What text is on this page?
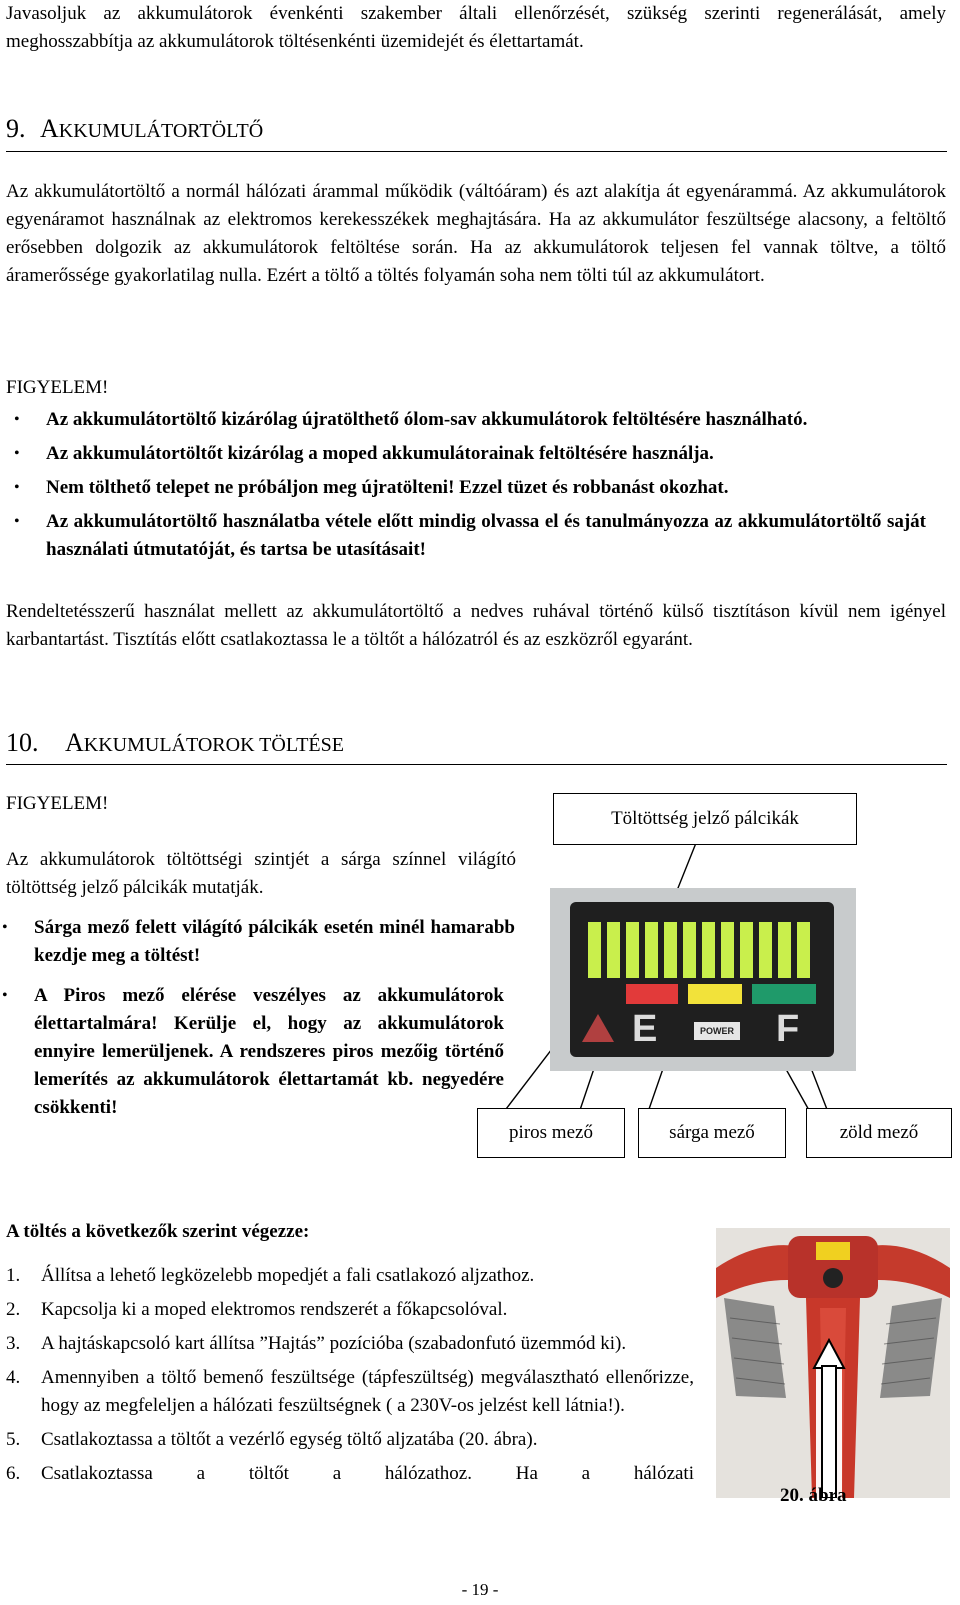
Javasoljuk az akkumulátorok évenkénti szakember általi ellenőrzését, szükség szerinti regenerálását, amely meghosszabbítja az akkumulátorok töltésenkénti üzemidejét és élettartamát.

9. AKKUMULÁTORTÖLTŐ

Az akkumulátortöltő a normál hálózati árammal működik (váltóáram) és azt alakítja át egyenárammá. Az akkumulátorok egyenáramot használnak az elektromos kerekesszékek meghajtására. Ha az akkumulátor feszültsége alacsony, a feltöltő erősebben dolgozik az akkumulátorok feltöltése során. Ha az akkumulátorok teljesen fel vannak töltve, a töltő áramerőssége gyakorlatilag nulla. Ezért a töltő a töltés folyamán soha nem tölti túl az akkumulátort.

FIGYELEM!

• Az akkumulátortöltő kizárólag újratölthető ólom-sav akkumulátorok feltöltésére használható.
• Az akkumulátortöltőt kizárólag a moped akkumulátorainak feltöltésére használja.
• Nem tölthető telepet ne próbáljon meg újratölteni! Ezzel tüzet és robbanást okozhat.
• Az akkumulátortöltő használatba vétele előtt mindig olvassa el és tanulmányozza az akkumulátortöltő saját használati útmutatóját, és tartsa be utasításait!

Rendeltetésszerű használat mellett az akkumulátortöltő a nedves ruhával történő külső tisztításon kívül nem igényel karbantartást. Tisztítás előtt csatlakoztassa le a töltőt a hálózatról és az eszközről egyaránt.

10. AKKUMULÁTOROK TÖLTÉSE

FIGYELEM!

Az akkumulátorok töltöttségi szintjét a sárga színnel világító töltöttség jelző pálcikák mutatják.

• Sárga mező felett világító pálcikák esetén minél hamarabb kezdje meg a töltést!
• A Piros mező elérése veszélyes az akkumulátorok élettartalmára! Kerülje el, hogy az akkumulátorok ennyire lemerüljenek. A rendszeres piros mezőig történő lemerítés az akkumulátorok élettartamát kb. negyedére csökkenti!
Töltöttség jelző pálcikák
E	POWER F
piros mező	sárga mező	zöld mező

A töltés a következők szerint végezze:

1. Állítsa a lehető legközelebb mopedjét a fali csatlakozó aljzathoz.
2. Kapcsolja ki a moped elektromos rendszerét a főkapcsolóval.
3. A hajtáskapcsoló kart állítsa ”Hajtás” pozícióba (szabadonfutó üzemmód ki).
4. Amennyiben a töltő bemenő feszültsége (tápfeszültség) megválasztható ellenőrizze, hogy az megfeleljen a hálózati feszültségnek ( a 230V-os jelzést kell látnia!).
5. Csatlakoztassa a töltőt a vezérlő egység töltő aljzatába (20. ábra).
6. Csatlakoztassa a töltőt a hálózathoz. Ha a hálózati

20. ábra

- 19 -
